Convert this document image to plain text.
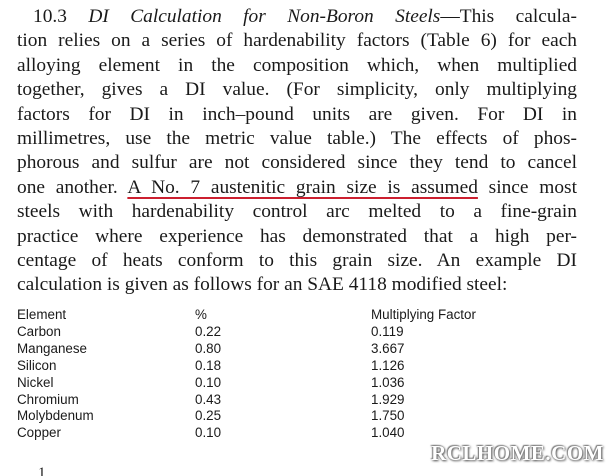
10.3 DI Calculation for Non-Boron Steels—This calcula-
tion relies on a series of hardenability factors (Table 6) for each
alloying element in the composition which, when multiplied
together, gives a DI value. (For simplicity, only multiplying
factors for DI in inch–pound units are given. For DI in
millimetres, use the metric value table.) The effects of phos-
phorous and sulfur are not considered since they tend to cancel
one another. A No. 7 austenitic grain size is assumed since most
steels with hardenability control arc melted to a fine-grain
practice where experience has demonstrated that a high per-
centage of heats conform to this grain size. An example DI
calculation is given as follows for an SAE 4118 modified steel:
Element	%	Multiplying Factor
Carbon	0.22	0.119
Manganese	0.80	3.667
Silicon	0.18	1.126
Nickel	0.10	1.036
Chromium	0.43	1.929
Molybdenum	0.25	1.750
Copper	0.10	1.040
1
RCLHOME.COM
